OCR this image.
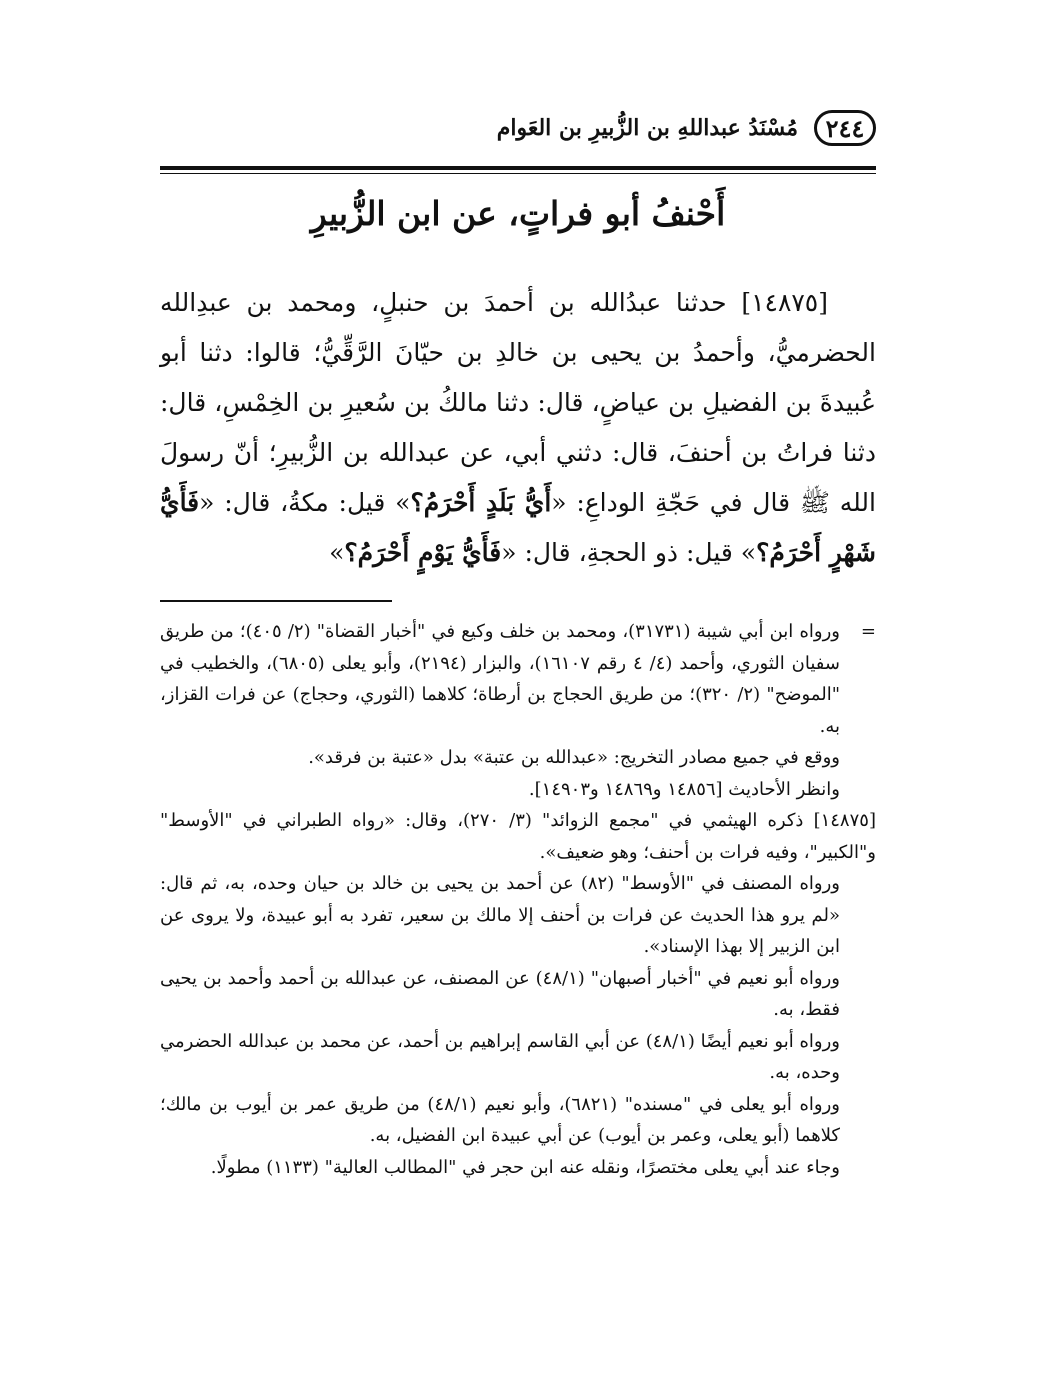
٢٤٤
مُسْنَدُ عبداللهِ بن الزُّبيرِ بن العَوام
أَحْنفُ أبو فراتٍ، عن ابن الزُّبيرِ
[١٤٨٧٥] حدثنا عبدُالله بن أحمدَ بن حنبلٍ، ومحمد بن عبدِالله الحضرميُّ، وأحمدُ بن يحيى بن خالدِ بن حيّانَ الرَّقِّيُّ؛ قالوا: دثنا أبو عُبيدةَ بن الفضيلِ بن عياضٍ، قال: دثنا مالكُ بن سُعيرِ بن الخِمْسِ، قال: دثنا فراتُ بن أحنفَ، قال: دثني أبي، عن عبدالله بن الزُّبيرِ؛ أنّ رسولَ الله ﷺ قال في حَجّةِ الوداعِ: «أَيُّ بَلَدٍ أَحْرَمُ؟» قيل: مكةُ، قال: «فَأَيُّ شَهْرٍ أَحْرَمُ؟» قيل: ذو الحجةِ، قال: «فَأَيُّ يَوْمٍ أَحْرَمُ؟»

=
ورواه ابن أبي شيبة (٣١٧٣١)، ومحمد بن خلف وكيع في "أخبار القضاة" (٢/ ٤٠٥)؛ من طريق سفيان الثوري، وأحمد (٤/ ٤ رقم ١٦١٠٧)، والبزار (٢١٩٤)، وأبو يعلى (٦٨٠٥)، والخطيب في "الموضح" (٢/ ٣٢٠)؛ من طريق الحجاج بن أرطاة؛ كلاهما (الثوري، وحجاج) عن فرات القزاز، به.

ووقع في جميع مصادر التخريج: «عبدالله بن عتبة» بدل «عتبة بن فرقد».

وانظر الأحاديث [١٤٨٥٦ و١٤٨٦٩ و١٤٩٠٣].

[١٤٨٧٥] ذكره الهيثمي في "مجمع الزوائد" (٣/ ٢٧٠)، وقال: «رواه الطبراني في "الأوسط" و"الكبير"، وفيه فرات بن أحنف؛ وهو ضعيف».

ورواه المصنف في "الأوسط" (٨٢) عن أحمد بن يحيى بن خالد بن حيان وحده، به، ثم قال: «لم يرو هذا الحديث عن فرات بن أحنف إلا مالك بن سعير، تفرد به أبو عبيدة، ولا يروى عن ابن الزبير إلا بهذا الإسناد».

ورواه أبو نعيم في "أخبار أصبهان" (٤٨/١) عن المصنف، عن عبدالله بن أحمد وأحمد بن يحيى فقط، به.

ورواه أبو نعيم أيضًا (٤٨/١) عن أبي القاسم إبراهيم بن أحمد، عن محمد بن عبدالله الحضرمي وحده، به.

ورواه أبو يعلى في "مسنده" (٦٨٢١)، وأبو نعيم (٤٨/١) من طريق عمر بن أيوب بن مالك؛ كلاهما (أبو يعلى، وعمر بن أيوب) عن أبي عبيدة ابن الفضيل، به.

وجاء عند أبي يعلى مختصرًا، ونقله عنه ابن حجر في "المطالب العالية" (١١٣٣) مطولًا.
